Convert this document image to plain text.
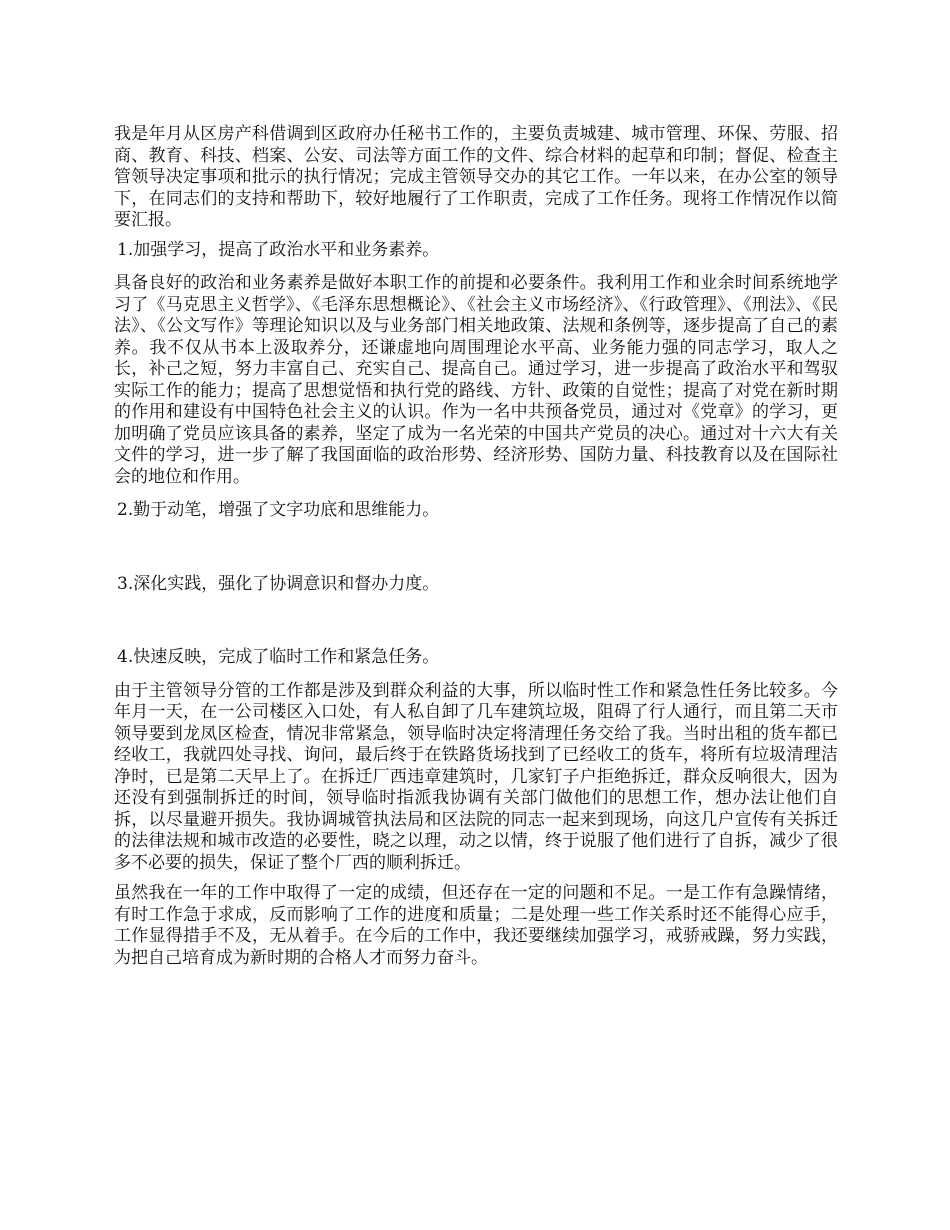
我是年月从区房产科借调到区政府办任秘书工作的，主要负责城建、城市管理、环保、劳服、招商、教育、科技、档案、公安、司法等方面工作的文件、综合材料的起草和印制；督促、检查主管领导决定事项和批示的执行情况；完成主管领导交办的其它工作。一年以来，在办公室的领导下，在同志们的支持和帮助下，较好地履行了工作职责，完成了工作任务。现将工作情况作以简要汇报。

1.加强学习，提高了政治水平和业务素养。

具备良好的政治和业务素养是做好本职工作的前提和必要条件。我利用工作和业余时间系统地学习了《马克思主义哲学》、《毛泽东思想概论》、《社会主义市场经济》、《行政管理》、《刑法》、《民法》、《公文写作》等理论知识以及与业务部门相关地政策、法规和条例等，逐步提高了自己的素养。我不仅从书本上汲取养分，还谦虚地向周围理论水平高、业务能力强的同志学习，取人之长，补己之短，努力丰富自己、充实自己、提高自己。通过学习，进一步提高了政治水平和驾驭实际工作的能力；提高了思想觉悟和执行党的路线、方针、政策的自觉性；提高了对党在新时期的作用和建设有中国特色社会主义的认识。作为一名中共预备党员，通过对《党章》的学习，更加明确了党员应该具备的素养，坚定了成为一名光荣的中国共产党员的决心。通过对十六大有关文件的学习，进一步了解了我国面临的政治形势、经济形势、国防力量、科技教育以及在国际社会的地位和作用。

2.勤于动笔，增强了文字功底和思维能力。

3.深化实践，强化了协调意识和督办力度。

4.快速反映，完成了临时工作和紧急任务。

由于主管领导分管的工作都是涉及到群众利益的大事，所以临时性工作和紧急性任务比较多。今年月一天，在一公司楼区入口处，有人私自卸了几车建筑垃圾，阻碍了行人通行，而且第二天市领导要到龙凤区检查，情况非常紧急，领导临时决定将清理任务交给了我。当时出租的货车都已经收工，我就四处寻找、询问，最后终于在铁路货场找到了已经收工的货车，将所有垃圾清理洁净时，已是第二天早上了。在拆迁厂西违章建筑时，几家钉子户拒绝拆迁，群众反响很大，因为还没有到强制拆迁的时间，领导临时指派我协调有关部门做他们的思想工作，想办法让他们自拆，以尽量避开损失。我协调城管执法局和区法院的同志一起来到现场，向这几户宣传有关拆迁的法律法规和城市改造的必要性，晓之以理，动之以情，终于说服了他们进行了自拆，减少了很多不必要的损失，保证了整个厂西的顺利拆迁。

虽然我在一年的工作中取得了一定的成绩，但还存在一定的问题和不足。一是工作有急躁情绪，有时工作急于求成，反而影响了工作的进度和质量；二是处理一些工作关系时还不能得心应手，工作显得措手不及，无从着手。在今后的工作中，我还要继续加强学习，戒骄戒躁，努力实践，为把自己培育成为新时期的合格人才而努力奋斗。
